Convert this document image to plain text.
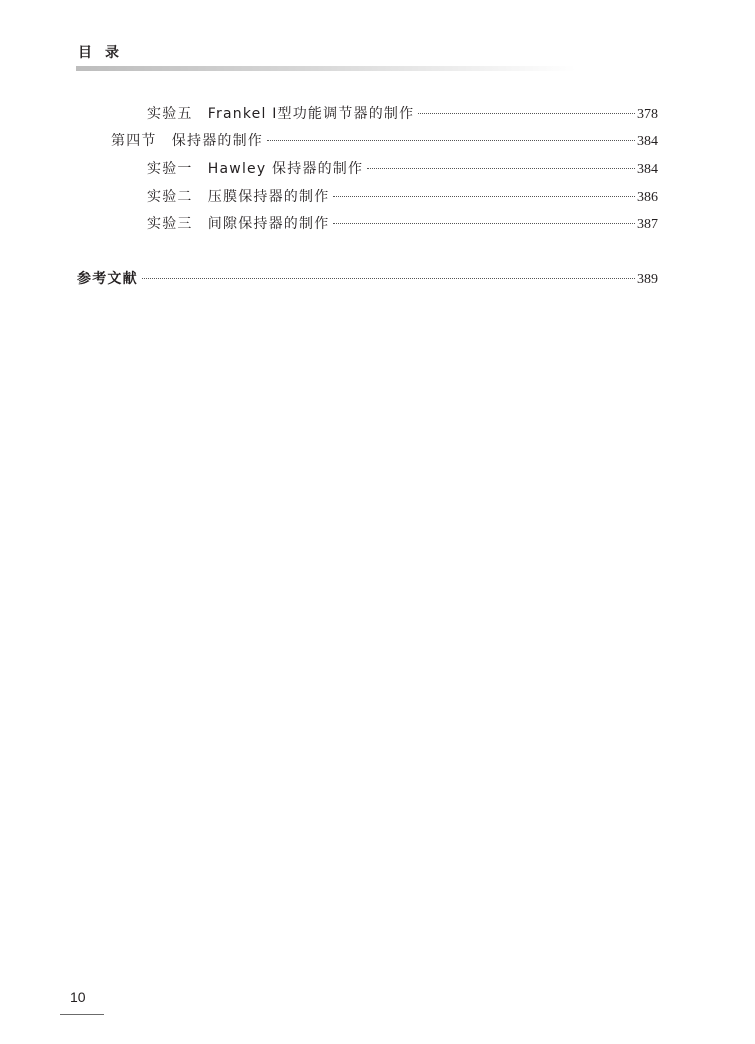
目录
实验五　Frankel Ⅰ型功能调节器的制作	378
第四节　保持器的制作	384
实验一　Hawley 保持器的制作	384
实验二　压膜保持器的制作	386
实验三　间隙保持器的制作	387
参考文献	389
10
